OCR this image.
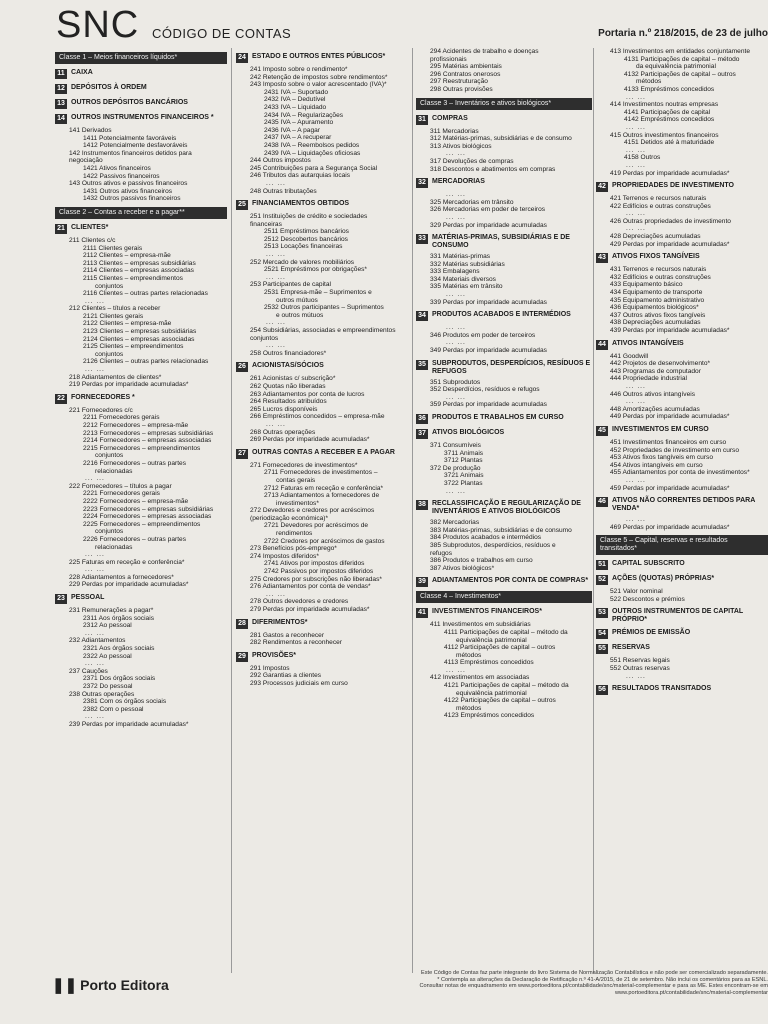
SNC CÓDIGO DE CONTAS	Portaria n.º 218/2015, de 23 de julho
Classe 1 – Meios financeiros líquidos*
11 CAIXA
12 DEPÓSITOS À ORDEM
13 OUTROS DEPÓSITOS BANCÁRIOS
14 OUTROS INSTRUMENTOS FINANCEIROS *
141 Derivados
1411 Potencialmente favoráveis
1412 Potencialmente desfavoráveis
142 Instrumentos financeiros detidos para
negociação
1421 Ativos financeiros
1422 Passivos financeiros
143 Outros ativos e passivos financeiros
1431 Outros ativos financeiros
1432 Outros passivos financeiros
Classe 2 – Contas a receber e a pagar**
21 CLIENTES*
211 Clientes c/c
2111 Clientes gerais
2112 Clientes – empresa-mãe
2113 Clientes – empresas subsidiárias
2114 Clientes – empresas associadas
2115 Clientes – empreendimentos
conjuntos
2116 Clientes – outras partes relacionadas
... ...
212 Clientes – títulos a receber
2121 Clientes gerais
2122 Clientes – empresa-mãe
2123 Clientes – empresas subsidiárias
2124 Clientes – empresas associadas
2125 Clientes – empreendimentos
conjuntos
2126 Clientes – outras partes relacionadas
... ...
218 Adiantamentos de clientes*
219 Perdas por imparidade acumuladas*
22 FORNECEDORES *
221 Fornecedores c/c
2211 Fornecedores gerais
2212 Fornecedores – empresa-mãe
2213 Fornecedores – empresas subsidiárias
2214 Fornecedores – empresas associadas
2215 Fornecedores – empreendimentos
conjuntos
2216 Fornecedores – outras partes
relacionadas
... ...
222 Fornecedores – títulos a pagar
2221 Fornecedores gerais
2222 Fornecedores – empresa-mãe
2223 Fornecedores – empresas subsidiárias
2224 Fornecedores – empresas associadas
2225 Fornecedores – empreendimentos
conjuntos
2226 Fornecedores – outras partes
relacionadas
... ...
225 Faturas em receção e conferência*
... ...
228 Adiantamentos a fornecedores*
229 Perdas por imparidade acumuladas*
23 PESSOAL
231 Remunerações a pagar*
2311 Aos órgãos sociais
2312 Ao pessoal
... ...
232 Adiantamentos
2321 Aos órgãos sociais
2322 Ao pessoal
... ...
237 Cauções
2371 Dos órgãos sociais
2372 Do pessoal
238 Outras operações
2381 Com os órgãos sociais
2382 Com o pessoal
... ...
239 Perdas por imparidade acumuladas*
24 ESTADO E OUTROS ENTES PÚBLICOS*
241 Imposto sobre o rendimento*
242 Retenção de impostos sobre rendimentos*
243 Imposto sobre o valor acrescentado (IVA)*
2431 IVA – Suportado
2432 IVA – Dedutível
2433 IVA – Liquidado
2434 IVA – Regularizações
2435 IVA – Apuramento
2436 IVA – A pagar
2437 IVA – A recuperar
2438 IVA – Reembolsos pedidos
2439 IVA – Liquidações oficiosas
244 Outros impostos
245 Contribuições para a Segurança Social
246 Tributos das autarquias locais
... ...
248 Outras tributações
25 FINANCIAMENTOS OBTIDOS
251 Instituições de crédito e sociedades
financeiras
2511 Empréstimos bancários
2512 Descobertos bancários
2513 Locações financeiras
... ...
252 Mercado de valores mobiliários
2521 Empréstimos por obrigações*
... ...
253 Participantes de capital
2531 Empresa-mãe – Suprimentos e
outros mútuos
2532 Outros participantes – Suprimentos
e outros mútuos
... ...
254 Subsidiárias, associadas e empreendimentos
conjuntos
... ...
258 Outros financiadores*
26 ACIONISTAS/SÓCIOS
261 Acionistas c/ subscrição*
262 Quotas não liberadas
263 Adiantamentos por conta de lucros
264 Resultados atribuídos
265 Lucros disponíveis
266 Empréstimos concedidos – empresa-mãe
... ...
268 Outras operações
269 Perdas por imparidade acumuladas*
27 OUTRAS CONTAS A RECEBER E A PAGAR
271 Fornecedores de investimentos*
2711 Fornecedores de investimentos –
contas gerais
2712 Faturas em receção e conferência*
2713 Adiantamentos a fornecedores de
investimentos*
272 Devedores e credores por acréscimos
(periodização económica)*
2721 Devedores por acréscimos de
rendimentos
2722 Credores por acréscimos de gastos
273 Benefícios pós-emprego*
274 Impostos diferidos*
2741 Ativos por impostos diferidos
2742 Passivos por impostos diferidos
275 Credores por subscrições não liberadas*
276 Adiantamentos por conta de vendas*
... ...
278 Outros devedores e credores
279 Perdas por imparidade acumuladas*
28 DIFERIMENTOS*
281 Gastos a reconhecer
282 Rendimentos a reconhecer
29 PROVISÕES*
291 Impostos
292 Garantias a clientes
293 Processos judiciais em curso
294 Acidentes de trabalho e doenças
profissionais
295 Matérias ambientais
296 Contratos onerosos
297 Reestruturação
298 Outras provisões
Classe 3 – Inventários e ativos biológicos*
31 COMPRAS
311 Mercadorias
312 Matérias-primas, subsidiárias e de consumo
313 Ativos biológicos
... ...
317 Devoluções de compras
318 Descontos e abatimentos em compras
32 MERCADORIAS
... ...
325 Mercadorias em trânsito
326 Mercadorias em poder de terceiros
... ...
329 Perdas por imparidade acumuladas
33 MATÉRIAS-PRIMAS, SUBSIDIÁRIAS E DE CONSUMO
331 Matérias-primas
332 Matérias subsidiárias
333 Embalagens
334 Materiais diversos
335 Matérias em trânsito
... ...
339 Perdas por imparidade acumuladas
34 PRODUTOS ACABADOS E INTERMÉDIOS
... ...
346 Produtos em poder de terceiros
... ...
349 Perdas por imparidade acumuladas
35 SUBPRODUTOS, DESPERDÍCIOS, RESÍDUOS E REFUGOS
351 Subprodutos
352 Desperdícios, resíduos e refugos
... ...
359 Perdas por imparidade acumuladas
36 PRODUTOS E TRABALHOS EM CURSO
37 ATIVOS BIOLÓGICOS
371 Consumíveis
3711 Animais
3712 Plantas
372 De produção
3721 Animais
3722 Plantas
... ...
38 RECLASSIFICAÇÃO E REGULARIZAÇÃO DE INVENTÁRIOS E ATIVOS BIOLÓGICOS
382 Mercadorias
383 Matérias-primas, subsidiárias e de consumo
384 Produtos acabados e intermédios
385 Subprodutos, desperdícios, resíduos e
refugos
386 Produtos e trabalhos em curso
387 Ativos biológicos*
39 ADIANTAMENTOS POR CONTA DE COMPRAS*
Classe 4 – Investimentos*
41 INVESTIMENTOS FINANCEIROS*
411 Investimentos em subsidiárias
4111 Participações de capital – método da
equivalência patrimonial
4112 Participações de capital – outros
métodos
4113 Empréstimos concedidos
... ...
412 Investimentos em associadas
4121 Participações de capital – método da
equivalência patrimonial
4122 Participações de capital – outros
métodos
4123 Empréstimos concedidos
413 Investimentos em entidades conjuntamente
4131 Participações de capital – método
da equivalência patrimonial
4132 Participações de capital – outros
métodos
4133 Empréstimos concedidos
... ...
414 Investimentos noutras empresas
4141 Participações de capital
4142 Empréstimos concedidos
... ...
415 Outros investimentos financeiros
4151 Detidos até à maturidade
... ...
4158 Outros
... ...
419 Perdas por imparidade acumuladas*
42 PROPRIEDADES DE INVESTIMENTO
421 Terrenos e recursos naturais
422 Edifícios e outras construções
... ...
426 Outras propriedades de investimento
... ...
428 Depreciações acumuladas
429 Perdas por imparidade acumuladas*
43 ATIVOS FIXOS TANGÍVEIS
431 Terrenos e recursos naturais
432 Edifícios e outras construções
433 Equipamento básico
434 Equipamento de transporte
435 Equipamento administrativo
436 Equipamentos biológicos*
437 Outros ativos fixos tangíveis
438 Depreciações acumuladas
439 Perdas por imparidade acumuladas*
44 ATIVOS INTANGÍVEIS
441 Goodwill
442 Projetos de desenvolvimento*
443 Programas de computador
444 Propriedade industrial
... ...
446 Outros ativos intangíveis
... ...
448 Amortizações acumuladas
449 Perdas por imparidade acumuladas*
45 INVESTIMENTOS EM CURSO
451 Investimentos financeiros em curso
452 Propriedades de investimento em curso
453 Ativos fixos tangíveis em curso
454 Ativos intangíveis em curso
455 Adiantamentos por conta de investimentos*
... ...
459 Perdas por imparidade acumuladas*
46 ATIVOS NÃO CORRENTES DETIDOS PARA VENDA*
... ...
469 Perdas por imparidade acumuladas*
Classe 5 – Capital, reservas e resultados transitados*
51 CAPITAL SUBSCRITO
52 AÇÕES (QUOTAS) PRÓPRIAS*
521 Valor nominal
522 Descontos e prémios
53 OUTROS INSTRUMENTOS DE CAPITAL PRÓPRIO*
54 PRÉMIOS DE EMISSÃO
55 RESERVAS
551 Reservas legais
552 Outras reservas
... ...
56 RESULTADOS TRANSITADOS
❚❚ Porto Editora
Este Código de Contas faz parte integrante do livro Sistema de Normalização Contabilística e não pode ser comercializado separadamente.
* Contempla as alterações da Declaração de Retificação n.º 41-A/2015, de 21 de setembro. Não inclui os comentários para as ESNL.
Consultar notas de enquadramento em www.portoeditora.pt/contabilidade/snc/material-complementar e para as ME. Estes encontram-se em www.portoeditora.pt/contabilidade/snc/material-complementar
